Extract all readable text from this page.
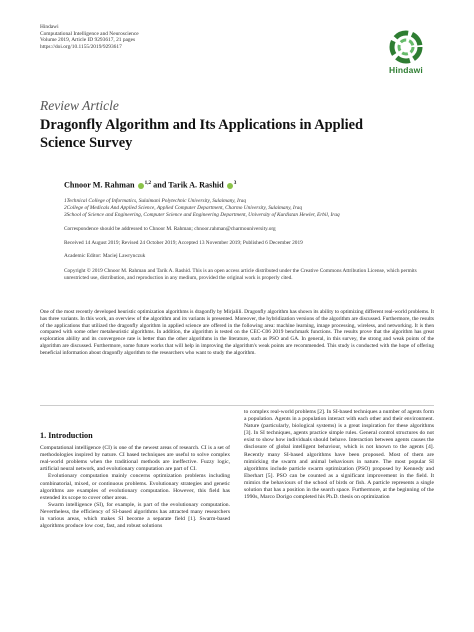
Hindawi
Computational Intelligence and Neuroscience
Volume 2019, Article ID 9293617, 21 pages
https://doi.org/10.1155/2019/9293617
Hindawi
Review Article
Dragonfly Algorithm and Its Applications in Applied Science Survey
Chnoor M. Rahman $^{1,2}$ and Tarik A. Rashid $^3$
1Technical College of Informatics, Sulaimani Polytechnic University, Sulaimany, Iraq
2College of Medicals And Applied Science, Applied Computer Department, Charmo University, Sulaimany, Iraq
3School of Science and Engineering, Computer Science and Engineering Department, University of Kurdistan Hewler, Erbil, Iraq
Correspondence should be addressed to Chnoor M. Rahman; chnoor.rahman@charmouniversity.org
Received 14 August 2019; Revised 24 October 2019; Accepted 13 November 2019; Published 6 December 2019
Academic Editor: Maciej Lawrynczuk
Copyright © 2019 Chnoor M. Rahman and Tarik A. Rashid. This is an open access article distributed under the Creative Commons Attribution License, which permits unrestricted use, distribution, and reproduction in any medium, provided the original work is properly cited.
One of the most recently developed heuristic optimization algorithms is dragonfly by Mirjalili. Dragonfly algorithm has shown its ability to optimizing different real-world problems. It has three variants. In this work, an overview of the algorithm and its variants is presented. Moreover, the hybridization versions of the algorithm are discussed. Furthermore, the results of the applications that utilized the dragonfly algorithm in applied science are offered in the following area: machine learning, image processing, wireless, and networking. It is then compared with some other metaheuristic algorithms. In addition, the algorithm is tested on the CEC-C06 2019 benchmark functions. The results prove that the algorithm has great exploration ability and its convergence rate is better than the other algorithms in the literature, such as PSO and GA. In general, in this survey, the strong and weak points of the algorithm are discussed. Furthermore, some future works that will help in improving the algorithm's weak points are recommended. This study is conducted with the hope of offering beneficial information about dragonfly algorithm to the researchers who want to study the algorithm.
1. Introduction

Computational intelligence (CI) is one of the newest areas of research. CI is a set of methodologies inspired by nature. CI based techniques are useful to solve complex real-world problems when the traditional methods are ineffective. Fuzzy logic, artificial neural network, and evolutionary computation are part of CI.

Evolutionary computation mainly concerns optimization problems including combinatorial, mixed, or continuous problems. Evolutionary strategies and genetic algorithms are examples of evolutionary computation. However, this field has extended its scope to cover other areas.

Swarm intelligence (SI), for example, is part of the evolutionary computation. Nevertheless, the efficiency of SI-based algorithms has attracted many researchers in various areas, which makes SI become a separate field [1]. Swarm-based algorithms produce low cost, fast, and robust solutions

to complex real-world problems [2]. In SI-based techniques a number of agents form a population. Agents in a population interact with each other and their environment. Nature (particularly, biological systems) is a great inspiration for these algorithms [3]. In SI techniques, agents practice simple rules. General control structures do not exist to show how individuals should behave. Interaction between agents causes the disclosure of global intelligent behaviour, which is not known to the agents [4]. Recently many SI-based algorithms have been proposed. Most of them are mimicking the swarm and animal behaviours in nature. The most popular SI algorithms include particle swarm optimization (PSO) proposed by Kennedy and Eberhart [5]. PSO can be counted as a significant improvement in the field. It mimics the behaviours of the school of birds or fish. A particle represents a single solution that has a position in the search space. Furthermore, at the beginning of the 1990s, Marco Dorigo completed his Ph.D. thesis on optimization
